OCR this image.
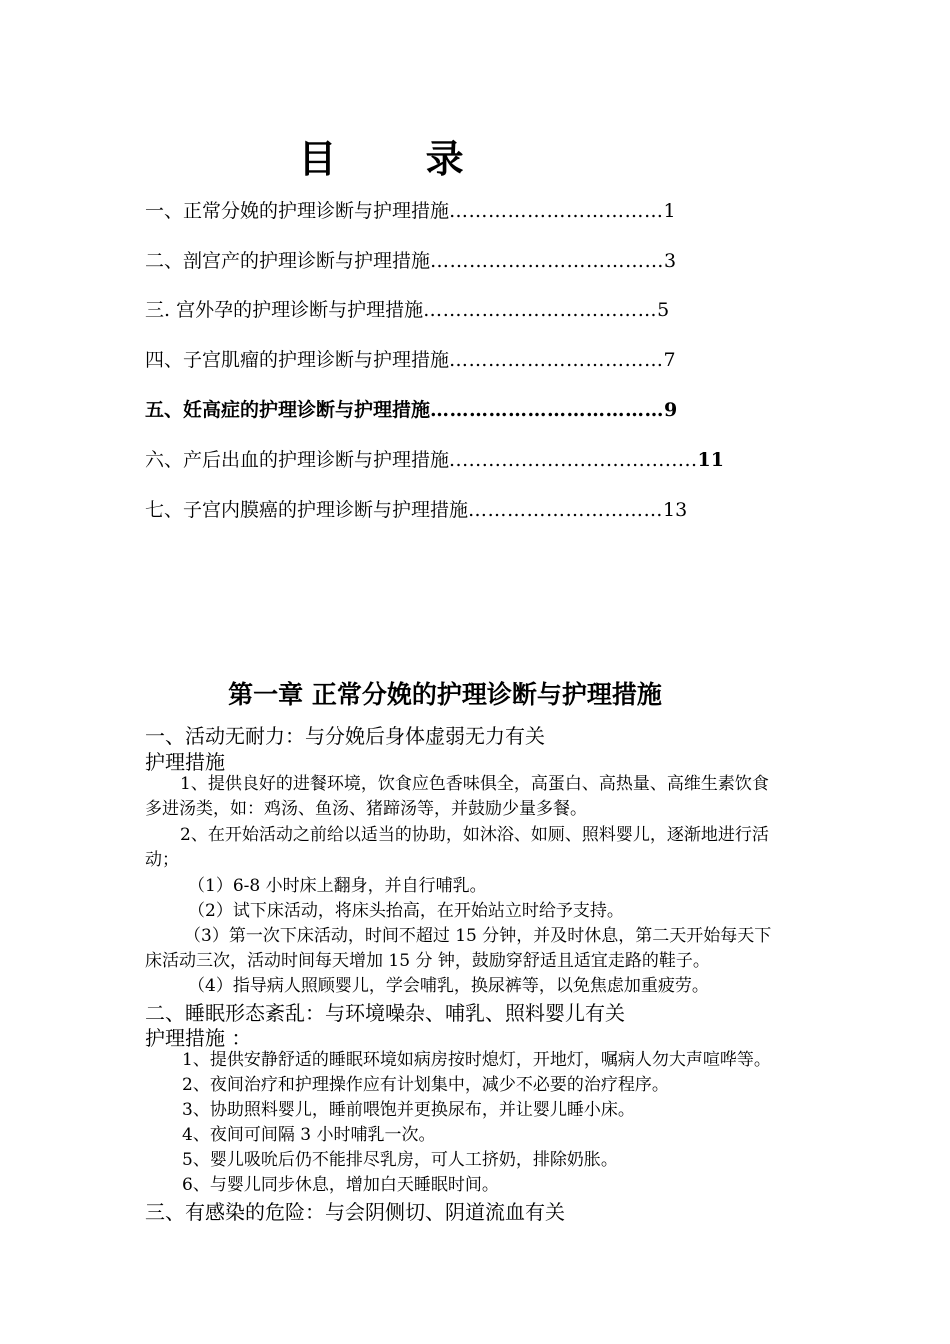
目 录
一、正常分娩的护理诊断与护理措施……………………………1
二、剖宫产的护理诊断与护理措施………………………………3
三. 宫外孕的护理诊断与护理措施………………………………5
四、子宫肌瘤的护理诊断与护理措施……………………………7
五、妊高症的护理诊断与护理措施………………………………9
六、产后出血的护理诊断与护理措施......................................11
七、子宫内膜癌的护理诊断与护理措施…………………………13
第一章 正常分娩的护理诊断与护理措施
一、活动无耐力：与分娩后身体虚弱无力有关
护理措施
1、提供良好的进餐环境，饮食应色香味俱全，高蛋白、高热量、高维生素饮食
多进汤类，如：鸡汤、鱼汤、猪蹄汤等，并鼓励少量多餐。
2、在开始活动之前给以适当的协助，如沐浴、如厕、照料婴儿，逐渐地进行活
动；
（1）6-8 小时床上翻身，并自行哺乳。
（2）试下床活动，将床头抬高，在开始站立时给予支持。
（3）第一次下床活动，时间不超过 15 分钟，并及时休息，第二天开始每天下
床活动三次，活动时间每天增加 15 分 钟，鼓励穿舒适且适宜走路的鞋子。
（4）指导病人照顾婴儿，学会哺乳，换尿裤等，以免焦虑加重疲劳。
二、睡眠形态紊乱：与环境噪杂、哺乳、照料婴儿有关
护理措施 ：
1、提供安静舒适的睡眠环境如病房按时熄灯，开地灯，嘱病人勿大声喧哗等。
2、夜间治疗和护理操作应有计划集中，减少不必要的治疗程序。
3、协助照料婴儿，睡前喂饱并更换尿布，并让婴儿睡小床。
4、夜间可间隔 3 小时哺乳一次。
5、婴儿吸吮后仍不能排尽乳房，可人工挤奶，排除奶胀。
6、与婴儿同步休息，增加白天睡眠时间。
三、有感染的危险：与会阴侧切、阴道流血有关
